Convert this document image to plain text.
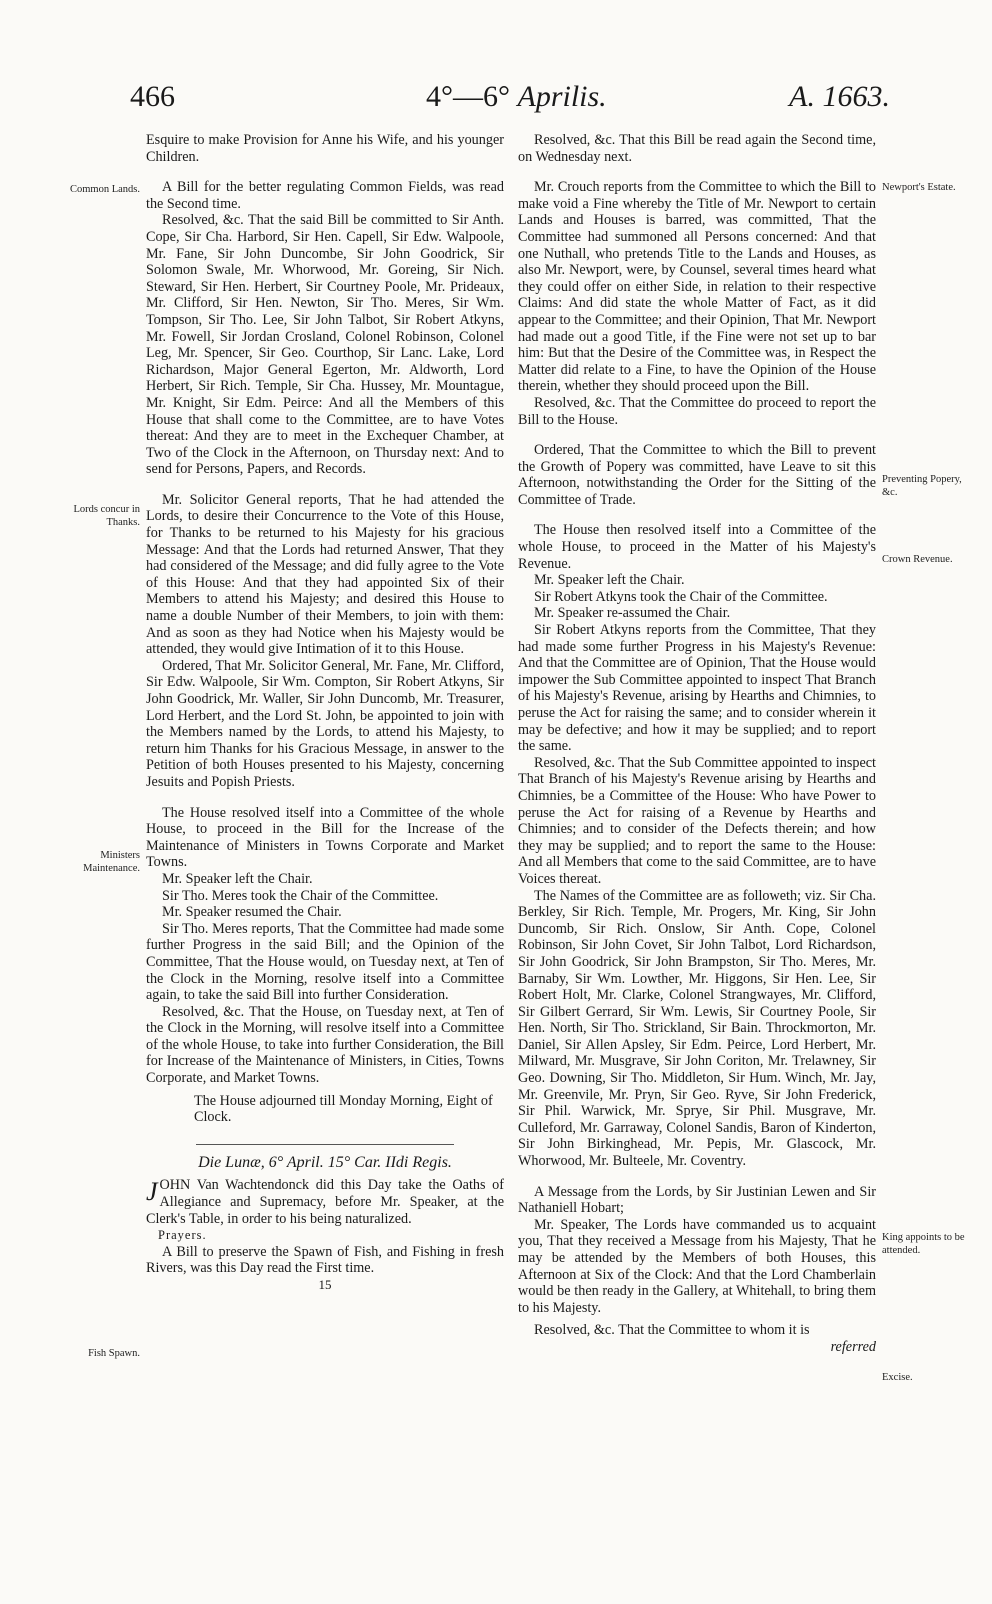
466	4°—6° Aprilis.	A. 1663.
Common Lands.
Lords concur in Thanks.
Ministers Maintenance.
Fish Spawn.
Newport's Estate.
Preventing Popery, &c.
Crown Revenue.
King appoints to be attended.
Excise.

Esquire to make Provision for Anne his Wife, and his younger Children.

A Bill for the better regulating Common Fields, was read the Second time.

Resolved, &c. That the said Bill be committed to Sir Anth. Cope, Sir Cha. Harbord, Sir Hen. Capell, Sir Edw. Walpoole, Mr. Fane, Sir John Duncombe, Sir John Goodrick, Sir Solomon Swale, Mr. Whorwood, Mr. Goreing, Sir Nich. Steward, Sir Hen. Herbert, Sir Courtney Poole, Mr. Prideaux, Mr. Clifford, Sir Hen. Newton, Sir Tho. Meres, Sir Wm. Tompson, Sir Tho. Lee, Sir John Talbot, Sir Robert Atkyns, Mr. Fowell, Sir Jordan Crosland, Colonel Robinson, Colonel Leg, Mr. Spencer, Sir Geo. Courthop, Sir Lanc. Lake, Lord Richardson, Major General Egerton, Mr. Aldworth, Lord Herbert, Sir Rich. Temple, Sir Cha. Hussey, Mr. Mountague, Mr. Knight, Sir Edm. Peirce: And all the Members of this House that shall come to the Committee, are to have Votes thereat: And they are to meet in the Exchequer Chamber, at Two of the Clock in the Afternoon, on Thursday next: And to send for Persons, Papers, and Records.

Mr. Solicitor General reports, That he had attended the Lords, to desire their Concurrence to the Vote of this House, for Thanks to be returned to his Majesty for his gracious Message: And that the Lords had returned Answer, That they had considered of the Message; and did fully agree to the Vote of this House: And that they had appointed Six of their Members to attend his Majesty; and desired this House to name a double Number of their Members, to join with them: And as soon as they had Notice when his Majesty would be attended, they would give Intimation of it to this House.

Ordered, That Mr. Solicitor General, Mr. Fane, Mr. Clifford, Sir Edw. Walpoole, Sir Wm. Compton, Sir Robert Atkyns, Sir John Goodrick, Mr. Waller, Sir John Duncomb, Mr. Treasurer, Lord Herbert, and the Lord St. John, be appointed to join with the Members named by the Lords, to attend his Majesty, to return him Thanks for his Gracious Message, in answer to the Petition of both Houses presented to his Majesty, concerning Jesuits and Popish Priests.

The House resolved itself into a Committee of the whole House, to proceed in the Bill for the Increase of the Maintenance of Ministers in Towns Corporate and Market Towns.

Mr. Speaker left the Chair.

Sir Tho. Meres took the Chair of the Committee.

Mr. Speaker resumed the Chair.

Sir Tho. Meres reports, That the Committee had made some further Progress in the said Bill; and the Opinion of the Committee, That the House would, on Tuesday next, at Ten of the Clock in the Morning, resolve itself into a Committee again, to take the said Bill into further Consideration.

Resolved, &c. That the House, on Tuesday next, at Ten of the Clock in the Morning, will resolve itself into a Committee of the whole House, to take into further Consideration, the Bill for Increase of the Maintenance of Ministers, in Cities, Towns Corporate, and Market Towns.

The House adjourned till Monday Morning, Eight of Clock.

Die Lunæ, 6° April. 15° Car. IIdi Regis.

JOHN Van Wachtendonck did this Day take the Oaths of Allegiance and Supremacy, before Mr. Speaker, at the Clerk's Table, in order to his being naturalized.

Prayers.

A Bill to preserve the Spawn of Fish, and Fishing in fresh Rivers, was this Day read the First time.

15

Resolved, &c. That this Bill be read again the Second time, on Wednesday next.

Mr. Crouch reports from the Committee to which the Bill to make void a Fine whereby the Title of Mr. Newport to certain Lands and Houses is barred, was committed, That the Committee had summoned all Persons concerned: And that one Nuthall, who pretends Title to the Lands and Houses, as also Mr. Newport, were, by Counsel, several times heard what they could offer on either Side, in relation to their respective Claims: And did state the whole Matter of Fact, as it did appear to the Committee; and their Opinion, That Mr. Newport had made out a good Title, if the Fine were not set up to bar him: But that the Desire of the Committee was, in Respect the Matter did relate to a Fine, to have the Opinion of the House therein, whether they should proceed upon the Bill.

Resolved, &c. That the Committee do proceed to report the Bill to the House.

Ordered, That the Committee to which the Bill to prevent the Growth of Popery was committed, have Leave to sit this Afternoon, notwithstanding the Order for the Sitting of the Committee of Trade.

The House then resolved itself into a Committee of the whole House, to proceed in the Matter of his Majesty's Revenue.

Mr. Speaker left the Chair.

Sir Robert Atkyns took the Chair of the Committee.

Mr. Speaker re-assumed the Chair.

Sir Robert Atkyns reports from the Committee, That they had made some further Progress in his Majesty's Revenue: And that the Committee are of Opinion, That the House would impower the Sub Committee appointed to inspect That Branch of his Majesty's Revenue, arising by Hearths and Chimnies, to peruse the Act for raising the same; and to consider wherein it may be defective; and how it may be supplied; and to report the same.

Resolved, &c. That the Sub Committee appointed to inspect That Branch of his Majesty's Revenue arising by Hearths and Chimnies, be a Committee of the House: Who have Power to peruse the Act for raising of a Revenue by Hearths and Chimnies; and to consider of the Defects therein; and how they may be supplied; and to report the same to the House: And all Members that come to the said Committee, are to have Voices thereat.

The Names of the Committee are as followeth; viz. Sir Cha. Berkley, Sir Rich. Temple, Mr. Progers, Mr. King, Sir John Duncomb, Sir Rich. Onslow, Sir Anth. Cope, Colonel Robinson, Sir John Covet, Sir John Talbot, Lord Richardson, Sir John Goodrick, Sir John Brampston, Sir Tho. Meres, Mr. Barnaby, Sir Wm. Lowther, Mr. Higgons, Sir Hen. Lee, Sir Robert Holt, Mr. Clarke, Colonel Strangwayes, Mr. Clifford, Sir Gilbert Gerrard, Sir Wm. Lewis, Sir Courtney Poole, Sir Hen. North, Sir Tho. Strickland, Sir Bain. Throckmorton, Mr. Daniel, Sir Allen Apsley, Sir Edm. Peirce, Lord Herbert, Mr. Milward, Mr. Musgrave, Sir John Coriton, Mr. Trelawney, Sir Geo. Downing, Sir Tho. Middleton, Sir Hum. Winch, Mr. Jay, Mr. Greenvile, Mr. Pryn, Sir Geo. Ryve, Sir John Frederick, Sir Phil. Warwick, Mr. Sprye, Sir Phil. Musgrave, Mr. Culleford, Mr. Garraway, Colonel Sandis, Baron of Kinderton, Sir John Birkinghead, Mr. Pepis, Mr. Glascock, Mr. Whorwood, Mr. Bulteele, Mr. Coventry.

A Message from the Lords, by Sir Justinian Lewen and Sir Nathaniell Hobart;

Mr. Speaker, The Lords have commanded us to acquaint you, That they received a Message from his Majesty, That he may be attended by the Members of both Houses, this Afternoon at Six of the Clock: And that the Lord Chamberlain would be then ready in the Gallery, at Whitehall, to bring them to his Majesty.

Resolved, &c. That the Committee to whom it is

referred
